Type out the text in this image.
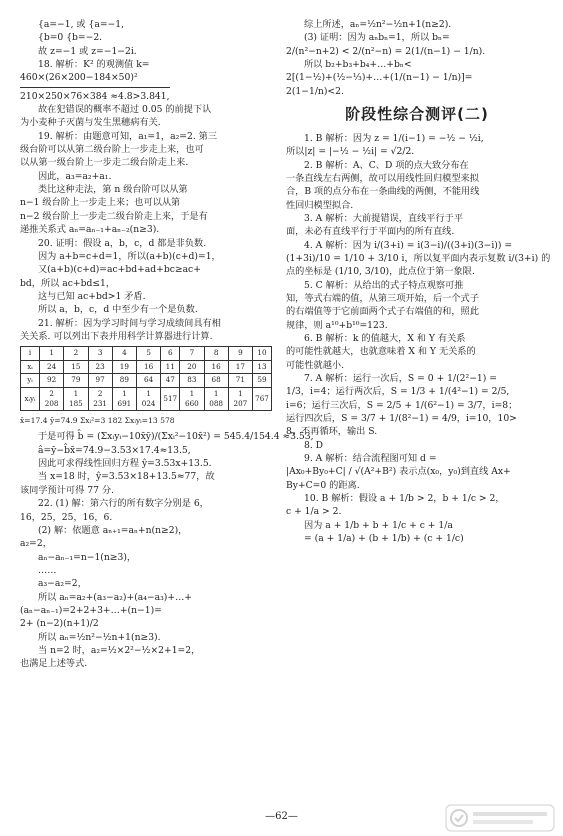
{a=−1, 或 {a=−1,
{b=0 {b=−2.
故 z=−1 或 z=−1−2i.
18. 解析：K² 的观测值 k=
460×(26×200−184×50)²
210×250×76×384 ≈4.8>3.841,
故在犯错误的概率不超过 0.05 的前提下认
为小麦种子灭菌与发生黑穗病有关.
19. 解析：由题意可知，a₁=1，a₂=2. 第三
级台阶可以从第二级台阶上一步走上来，也可
以从第一级台阶上一步走二级台阶走上来.
因此，a₃=a₂+a₁.
类比这种走法，第 n 级台阶可以从第
n−1 级台阶上一步走上来；也可以从第
n−2 级台阶上一步走二级台阶走上来，于是有
递推关系式 aₙ=aₙ₋₁+aₙ₋₂(n≥3).
20. 证明：假设 a，b，c，d 都是非负数.
因为 a+b=c+d=1，所以(a+b)(c+d)=1，
又(a+b)(c+d)=ac+bd+ad+bc≥ac+
bd，所以 ac+bd≤1，
这与已知 ac+bd>1 矛盾.
所以 a，b，c，d 中至少有一个是负数.
21. 解析：因为学习时间与学习成绩间具有相
关关系. 可以列出下表并用科学计算器进行计算.
i	1	2	3	4	5	6	7	8	9	10
xᵢ	24	15	23	19	16	11	20	16	17	13
yᵢ	92	79	97	89	64	47	83	68	71	59
xᵢyᵢ	2 208	1 185	2 231	1 691	1 024	517	1 660	1 088	1 207	767
x̄=17.4 ȳ=74.9 Σxᵢ²=3 182 Σxᵢyᵢ=13 578
于是可得 b̂ = (Σxᵢyᵢ−10x̄ȳ)/(Σxᵢ²−10x̄²) = 545.4/154.4 ≈3.53,
â=ȳ−b̂x̄=74.9−3.53×17.4≈13.5,
因此可求得线性回归方程 ŷ=3.53x+13.5.
当 x=18 时，ŷ=3.53×18+13.5≈77，故
该同学预计可得 77 分.
22. (1) 解：第六行的所有数字分别是 6，
16，25，25，16，6.
(2) 解：依题意 aₙ₊₁=aₙ+n(n≥2)，
a₂=2，
aₙ−aₙ₋₁=n−1(n≥3)，
……
a₃−a₂=2，
所以 aₙ=a₂+(a₃−a₂)+(a₄−a₃)+…+
(aₙ−aₙ₋₁)=2+2+3+…+(n−1)=
2+ (n−2)(n+1)/2
所以 aₙ=½n²−½n+1(n≥3).
当 n=2 时，a₂=½×2²−½×2+1=2，
也满足上述等式.
综上所述，aₙ=½n²−½n+1(n≥2).
(3) 证明：因为 aₙbₙ=1，所以 bₙ=
2/(n²−n+2) < 2/(n²−n) = 2(1/(n−1) − 1/n).
所以 b₂+b₃+b₄+…+bₙ<
2[(1−½)+(½−⅓)+…+(1/(n−1) − 1/n)]=
2(1−1/n)<2.
阶段性综合测评(二)
1. B 解析：因为 z = 1/(i−1) = −½ − ½i,
所以|z| = |−½ − ½i| = √2/2.
2. B 解析：A、C、D 项的点大致分布在
一条直线左右两侧，故可以用线性回归模型来拟
合，B 项的点分布在一条曲线的两侧，不能用线
性回归模型拟合.
3. A 解析：大前提错误，直线平行于平
面，未必有直线平行于平面内的所有直线.
4. A 解析：因为 i/(3+i) = i(3−i)/((3+i)(3−i)) =
(1+3i)/10 = 1/10 + 3/10 i，所以复平面内表示复数 i/(3+i) 的
点的坐标是 (1/10, 3/10)，此点位于第一象限.
5. C 解析：从给出的式子特点观察可推
知，等式右端的值，从第三项开始，后一个式子
的右端值等于它前面两个式子右端值的和，照此
规律，则 a¹⁰+b¹⁰=123.
6. B 解析：k 的值越大，X 和 Y 有关系
的可能性就越大，也就意味着 X 和 Y 无关系的
可能性就越小.
7. A 解析：运行一次后，S = 0 + 1/(2²−1) =
1/3，i=4；运行两次后，S = 1/3 + 1/(4²−1) = 2/5,
i=6；运行三次后，S = 2/5 + 1/(6²−1) = 3/7，i=8；
运行四次后，S = 3/7 + 1/(8²−1) = 4/9，i=10，10>
8，不再循环，输出 S.
8. D
9. A 解析：结合流程图可知 d =
|Ax₀+By₀+C| / √(A²+B²) 表示点(x₀，y₀)到直线 Ax+
By+C=0 的距离.
10. B 解析：假设 a + 1/b > 2，b + 1/c > 2，
c + 1/a > 2.
因为 a + 1/b + b + 1/c + c + 1/a
= (a + 1/a) + (b + 1/b) + (c + 1/c)
—62—
